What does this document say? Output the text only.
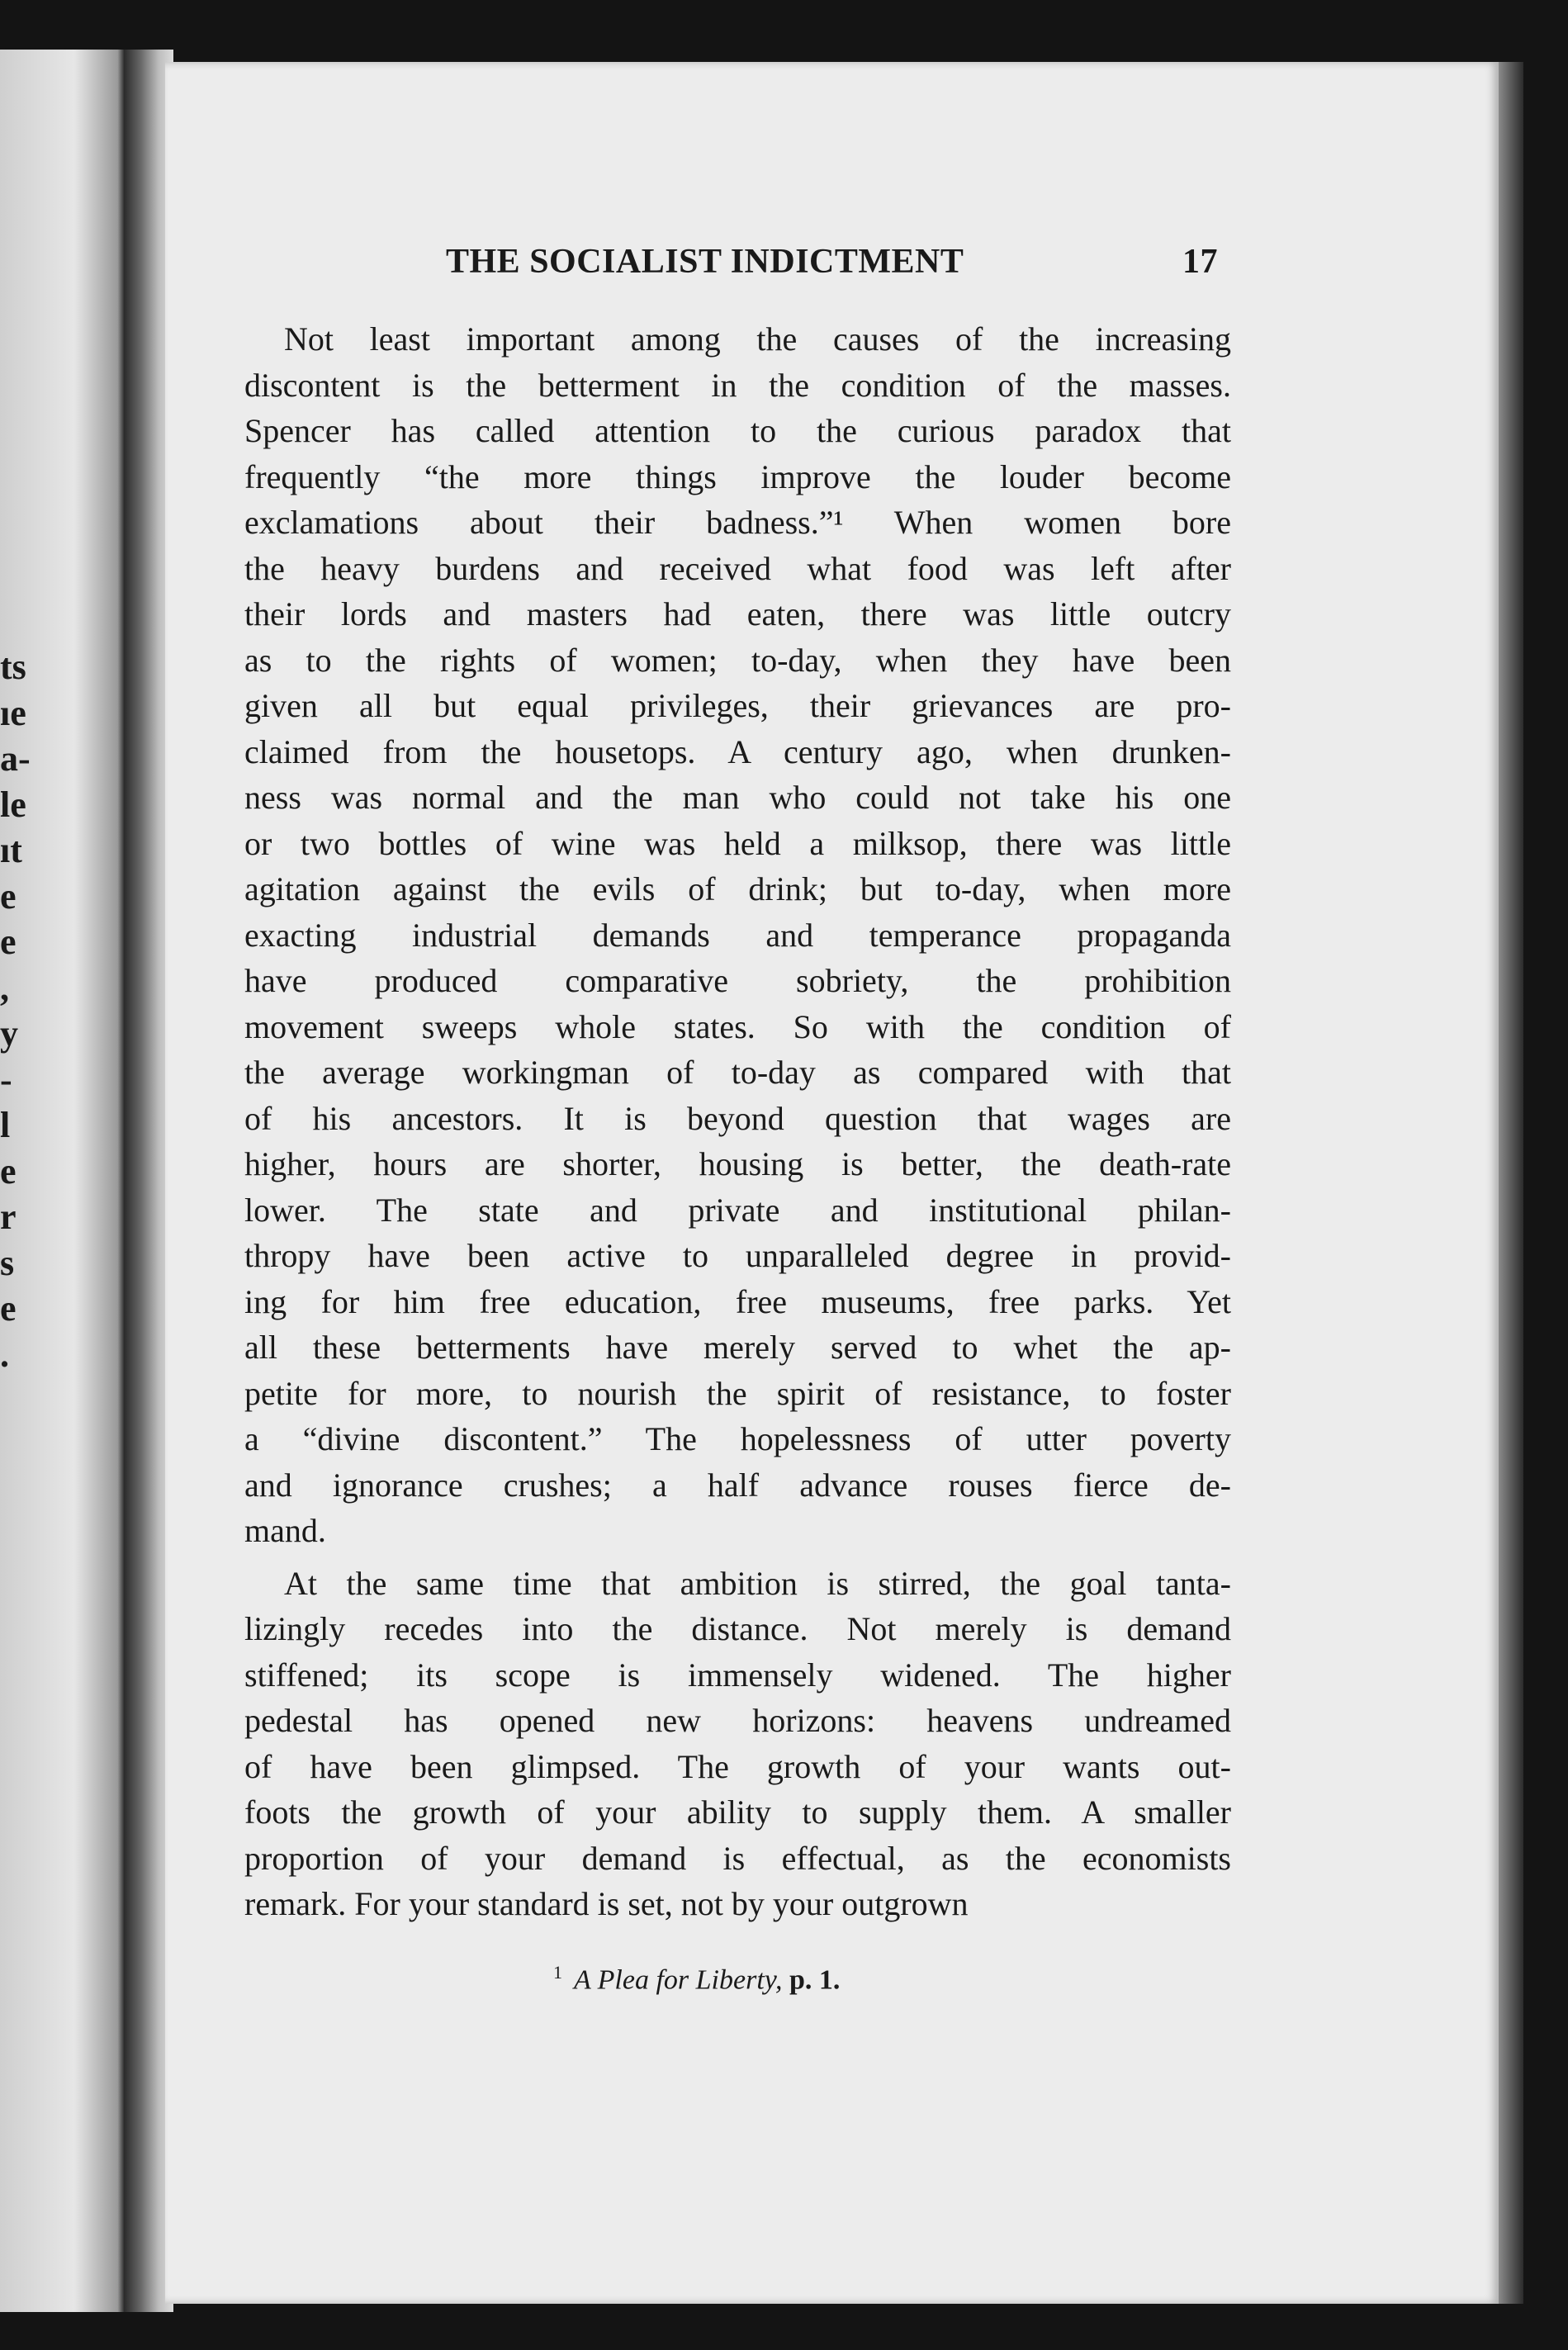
ts
ıe
a-
le
ıt
e
e
,
y
-
l
e
r
s
e
.
THE SOCIALIST INDICTMENT	17
Not least important among the causes of the increasing
discontent is the betterment in the condition of the masses.
Spencer has called attention to the curious paradox that
frequently “the more things improve the louder become
exclamations about their badness.”¹ When women bore
the heavy burdens and received what food was left after
their lords and masters had eaten, there was little outcry
as to the rights of women; to-day, when they have been
given all but equal privileges, their grievances are pro-
claimed from the housetops. A century ago, when drunken-
ness was normal and the man who could not take his one
or two bottles of wine was held a milksop, there was little
agitation against the evils of drink; but to-day, when more
exacting industrial demands and temperance propaganda
have produced comparative sobriety, the prohibition
movement sweeps whole states. So with the condition of
the average workingman of to-day as compared with that
of his ancestors. It is beyond question that wages are
higher, hours are shorter, housing is better, the death-rate
lower. The state and private and institutional philan-
thropy have been active to unparalleled degree in provid-
ing for him free education, free museums, free parks. Yet
all these betterments have merely served to whet the ap-
petite for more, to nourish the spirit of resistance, to foster
a “divine discontent.” The hopelessness of utter poverty
and ignorance crushes; a half advance rouses fierce de-
mand.
At the same time that ambition is stirred, the goal tanta-
lizingly recedes into the distance. Not merely is demand
stiffened; its scope is immensely widened. The higher
pedestal has opened new horizons: heavens undreamed
of have been glimpsed. The growth of your wants out-
foots the growth of your ability to supply them. A smaller
proportion of your demand is effectual, as the economists
remark. For your standard is set, not by your outgrown
$^1$ A Plea for Liberty, p. 1.
